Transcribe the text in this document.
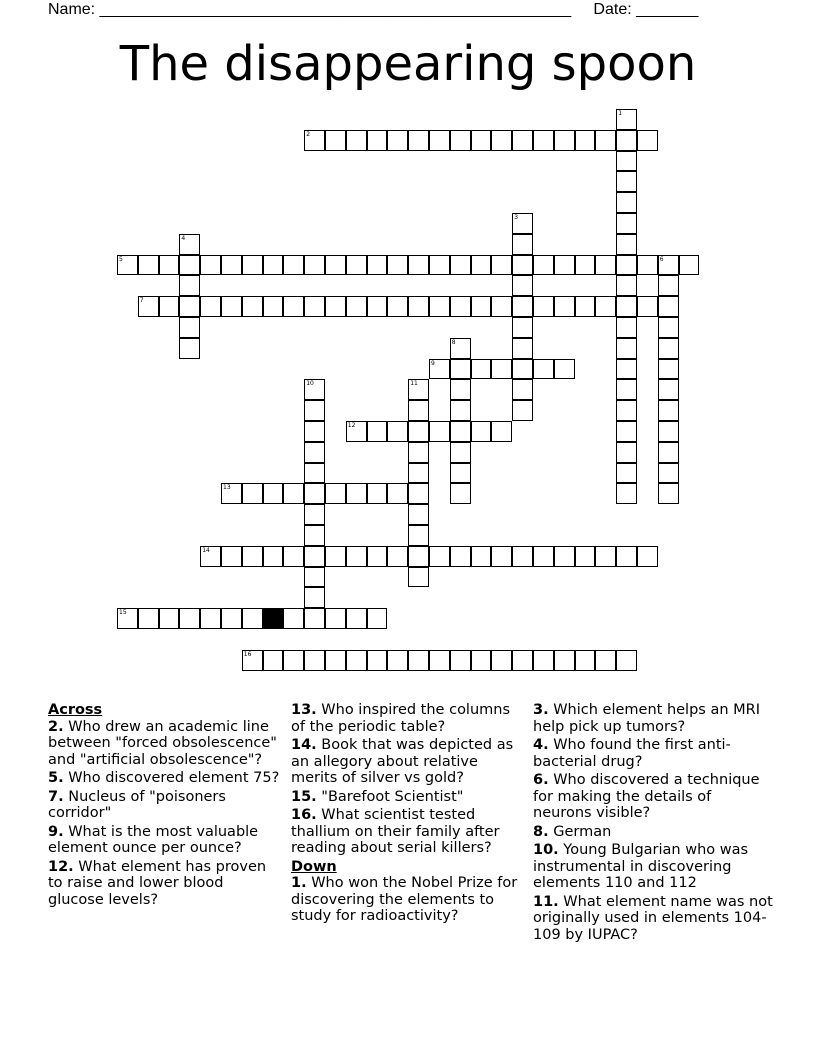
Name: _____________________________________________________     Date: _______
The disappearing spoon
1
2
3
4
5	6
7
8
9
10	11
12
13
14
15
16

Across

2. Who drew an academic line between "forced obsolescence" and "artificial obsolescence"?

5. Who discovered element 75?

7. Nucleus of "poisoners corridor"

9. What is the most valuable element ounce per ounce?

12. What element has proven to raise and lower blood glucose levels?

13. Who inspired the columns of the periodic table?

14. Book that was depicted as an allegory about relative merits of silver vs gold?

15. "Barefoot Scientist"

16. What scientist tested thallium on their family after reading about serial killers?

Down

1. Who won the Nobel Prize for discovering the elements to study for radioactivity?

3. Which element helps an MRI help pick up tumors?

4. Who found the first anti-bacterial drug?

6. Who discovered a technique for making the details of neurons visible?

8. German

10. Young Bulgarian who was instrumental in discovering elements 110 and 112

11. What element name was not originally used in elements 104-109 by IUPAC?
